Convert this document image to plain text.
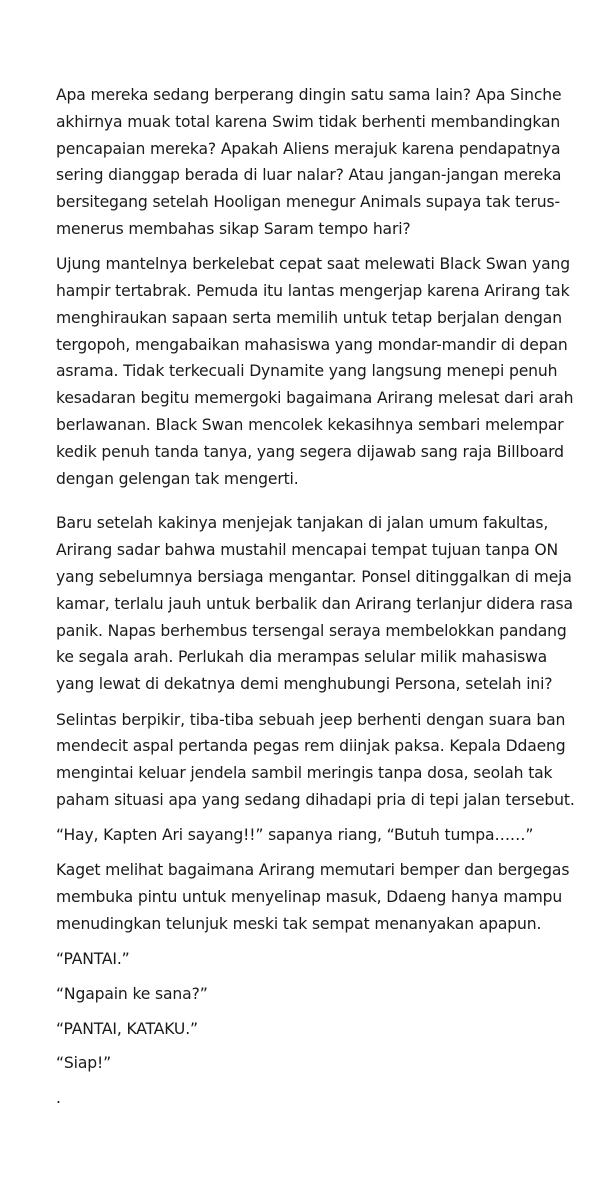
Apa mereka sedang berperang dingin satu sama lain? Apa Sinche akhirnya muak total karena Swim tidak berhenti membandingkan pencapaian mereka? Apakah Aliens merajuk karena pendapatnya sering dianggap berada di luar nalar? Atau jangan-jangan mereka bersitegang setelah Hooligan menegur Animals supaya tak terus-menerus membahas sikap Saram tempo hari?

Ujung mantelnya berkelebat cepat saat melewati Black Swan yang hampir tertabrak. Pemuda itu lantas mengerjap karena Arirang tak menghiraukan sapaan serta memilih untuk tetap berjalan dengan tergopoh, mengabaikan mahasiswa yang mondar-mandir di depan asrama. Tidak terkecuali Dynamite yang langsung menepi penuh kesadaran begitu memergoki bagaimana Arirang melesat dari arah berlawanan. Black Swan mencolek kekasihnya sembari melempar kedik penuh tanda tanya, yang segera dijawab sang raja Billboard dengan gelengan tak mengerti.

Baru setelah kakinya menjejak tanjakan di jalan umum fakultas, Arirang sadar bahwa mustahil mencapai tempat tujuan tanpa ON yang sebelumnya bersiaga mengantar. Ponsel ditinggalkan di meja kamar, terlalu jauh untuk berbalik dan Arirang terlanjur didera rasa panik. Napas berhembus tersengal seraya membelokkan pandang ke segala arah. Perlukah dia merampas selular milik mahasiswa yang lewat di dekatnya demi menghubungi Persona, setelah ini?

Selintas berpikir, tiba-tiba sebuah jeep berhenti dengan suara ban mendecit aspal pertanda pegas rem diinjak paksa. Kepala Ddaeng mengintai keluar jendela sambil meringis tanpa dosa, seolah tak paham situasi apa yang sedang dihadapi pria di tepi jalan tersebut.

“Hay, Kapten Ari sayang!!” sapanya riang, “Butuh tumpa……”

Kaget melihat bagaimana Arirang memutari bemper dan bergegas membuka pintu untuk menyelinap masuk, Ddaeng hanya mampu menudingkan telunjuk meski tak sempat menanyakan apapun.

“PANTAI.”

“Ngapain ke sana?”

“PANTAI, KATAKU.”

“Siap!”

.
